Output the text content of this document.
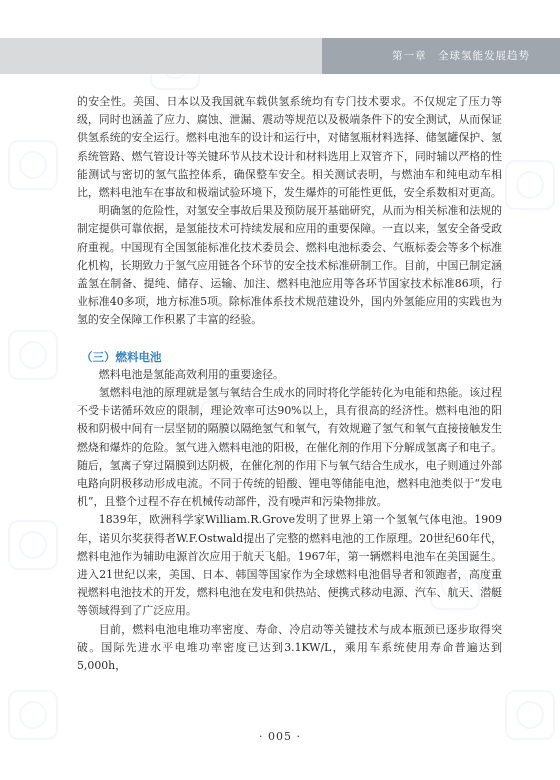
第一章　全球氢能发展趋势

的安全性。美国、日本以及我国就车载供氢系统均有专门技术要求。不仅规定了压力等级，同时也涵盖了应力、腐蚀、泄漏、震动等规范以及极端条件下的安全测试，从而保证供氢系统的安全运行。燃料电池车的设计和运行中，对储氢瓶材料选择、储氢罐保护、氢系统管路、燃气管设计等关键环节从技术设计和材料选用上双管齐下，同时辅以严格的性能测试与密切的氢气监控体系，确保整车安全。相关测试表明，与燃油车和纯电动车相比，燃料电池车在事故和极端试验环境下，发生爆炸的可能性更低，安全系数相对更高。

明确氢的危险性，对氢安全事故后果及预防展开基础研究，从而为相关标准和法规的制定提供可靠依据，是氢能技术可持续发展和应用的重要保障。一直以来，氢安全备受政府重视。中国现有全国氢能标准化技术委员会、燃料电池标委会、气瓶标委会等多个标准化机构，长期致力于氢气应用链各个环节的安全技术标准研制工作。目前，中国已制定涵盖氢在制备、提纯、储存、运输、加注、燃料电池应用等各环节国家技术标准86项，行业标准40多项，地方标准5项。除标准体系技术规范建设外，国内外氢能应用的实践也为氢的安全保障工作积累了丰富的经验。

（三）燃料电池

燃料电池是氢能高效利用的重要途径。

氢燃料电池的原理就是氢与氧结合生成水的同时将化学能转化为电能和热能。该过程不受卡诺循环效应的限制，理论效率可达90%以上，具有很高的经济性。燃料电池的阳极和阴极中间有一层坚韧的隔膜以隔绝氢气和氧气，有效规避了氢气和氧气直接接触发生燃烧和爆炸的危险。氢气进入燃料电池的阳极，在催化剂的作用下分解成氢离子和电子。随后，氢离子穿过隔膜到达阴极，在催化剂的作用下与氧气结合生成水，电子则通过外部电路向阴极移动形成电流。不同于传统的铅酸、锂电等储能电池，燃料电池类似于“发电机”，且整个过程不存在机械传动部件，没有噪声和污染物排放。

1839年，欧洲科学家William.R.Grove发明了世界上第一个氢氧气体电池。1909年，诺贝尔奖获得者W.F.Ostwald提出了完整的燃料电池的工作原理。20世纪60年代，燃料电池作为辅助电源首次应用于航天飞船。1967年，第一辆燃料电池车在美国诞生。进入21世纪以来，美国、日本、韩国等国家作为全球燃料电池倡导者和领跑者，高度重视燃料电池技术的开发，燃料电池在发电和供热站、便携式移动电源、汽车、航天、潜艇等领域得到了广泛应用。

目前，燃料电池电堆功率密度、寿命、冷启动等关键技术与成本瓶颈已逐步取得突破。国际先进水平电堆功率密度已达到3.1KW/L，乘用车系统使用寿命普遍达到5,000h，

· 005 ·
